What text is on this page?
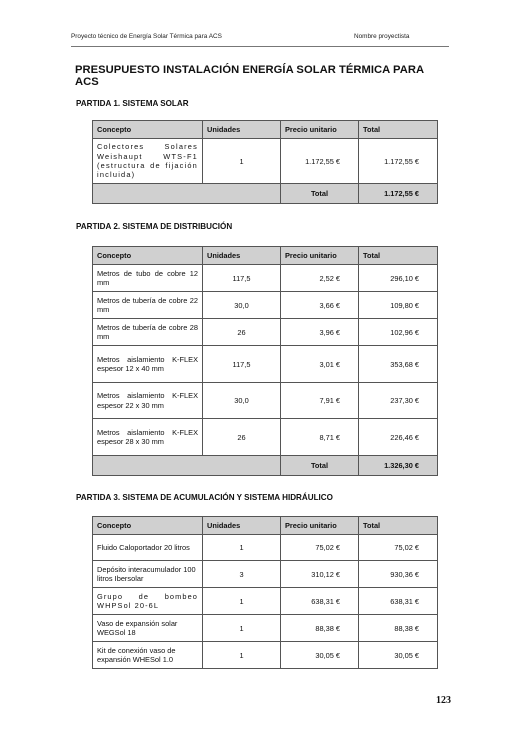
Proyecto técnico de Energía Solar Térmica para ACS	Nombre proyectista
PRESUPUESTO INSTALACIÓN ENERGÍA SOLAR TÉRMICA PARA ACS
PARTIDA 1. SISTEMA SOLAR
Concepto	Unidades	Precio unitario	Total
Colectores Solares Weishaupt WTS-F1 (estructura de fijación incluida)	1	1.172,55 €	1.172,55 €
		Total	1.172,55 €
PARTIDA 2. SISTEMA DE DISTRIBUCIÓN
Concepto	Unidades	Precio unitario	Total
Metros de tubo de cobre 12 mm	117,5	2,52 €	296,10 €
Metros de tubería de cobre 22 mm	30,0	3,66 €	109,80 €
Metros de tubería de cobre 28 mm	26	3,96 €	102,96 €
Metros aislamiento K-FLEX espesor 12 x 40 mm	117,5	3,01 €	353,68 €
Metros aislamiento K-FLEX espesor 22 x 30 mm	30,0	7,91 €	237,30 €
Metros aislamiento K-FLEX espesor 28 x 30 mm	26	8,71 €	226,46 €
		Total	1.326,30 €
PARTIDA 3. SISTEMA DE ACUMULACIÓN Y SISTEMA HIDRÁULICO
Concepto	Unidades	Precio unitario	Total
Fluido Caloportador 20 litros	1	75,02 €	75,02 €
Depósito interacumulador 100 litros Ibersolar	3	310,12 €	930,36 €
Grupo de bombeo WHPSol 20-6L	1	638,31 €	638,31 €
Vaso de expansión solar WEGSol 18	1	88,38 €	88,38 €
Kit de conexión vaso de expansión WHESol 1.0	1	30,05 €	30,05 €
123
